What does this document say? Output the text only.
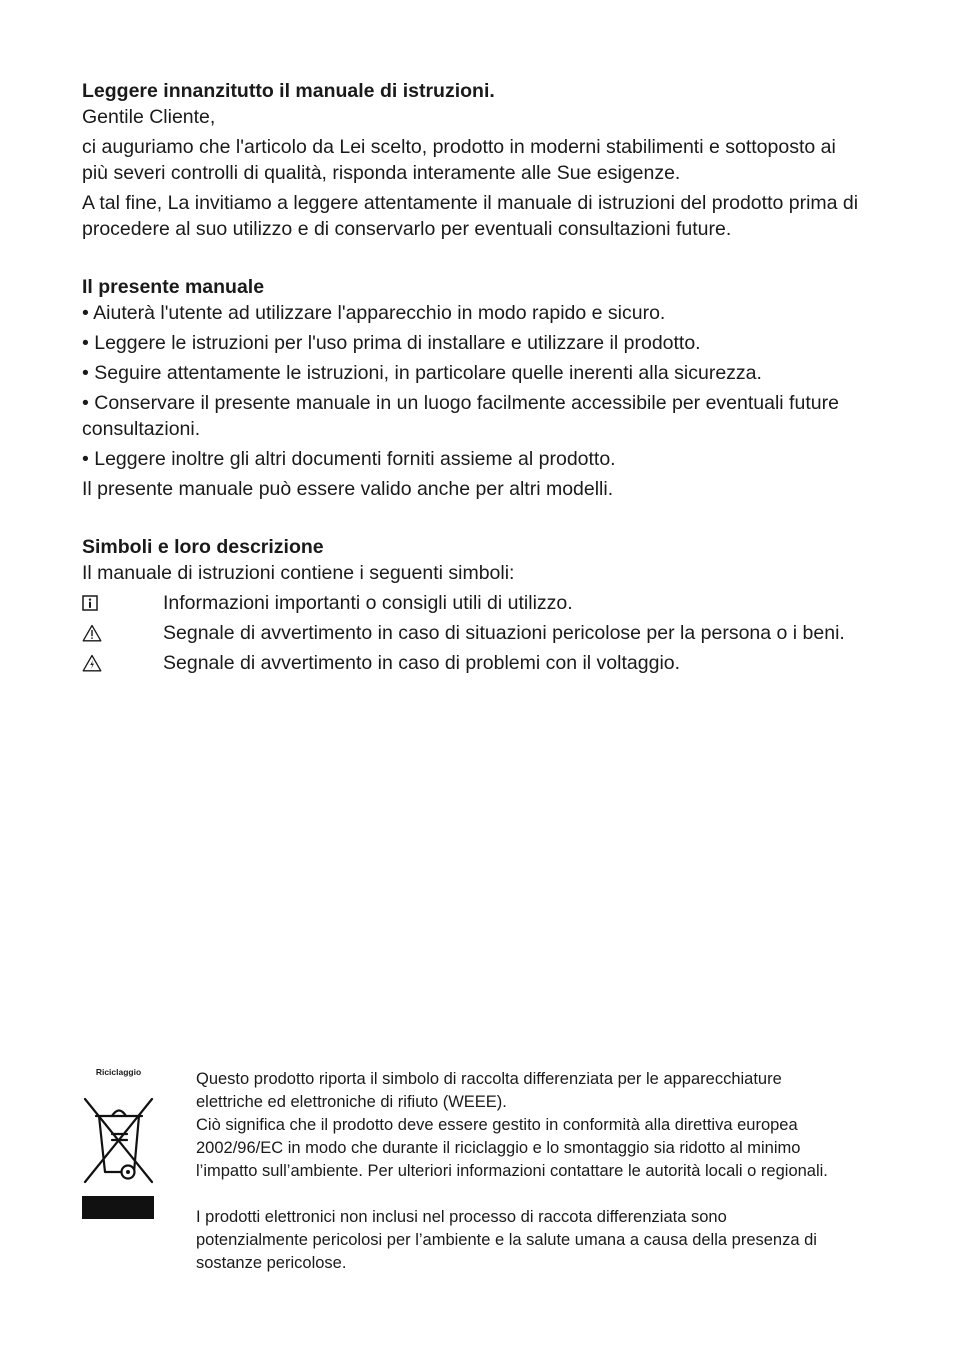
Leggere innanzitutto il manuale di istruzioni.

Gentile Cliente,

ci auguriamo che l'articolo da Lei scelto, prodotto in moderni stabilimenti e sottoposto ai più severi controlli di qualità, risponda interamente alle Sue esigenze.

A tal fine, La invitiamo a leggere attentamente il manuale di istruzioni del prodotto prima di procedere al suo utilizzo e di conservarlo per eventuali consultazioni future.

Il presente manuale

• Aiuterà l'utente ad utilizzare l'apparecchio in modo rapido e sicuro.

• Leggere le istruzioni per l'uso prima di installare e utilizzare il prodotto.

• Seguire attentamente le istruzioni, in particolare quelle inerenti alla sicurezza.

• Conservare il presente manuale in un luogo facilmente accessibile per eventuali future consultazioni.

• Leggere inoltre gli altri documenti forniti assieme al prodotto.

Il presente manuale può essere valido anche per altri modelli.

Simboli e loro descrizione

Il manuale di istruzioni contiene i seguenti simboli:

Informazioni importanti o consigli utili di utilizzo.
Segnale di avvertimento in caso di situazioni pericolose per la persona o i beni.
Segnale di avvertimento in caso di problemi con il voltaggio.
Riciclaggio	Questo prodotto riporta il simbolo di raccolta differenziata per le apparecchiature elettriche ed elettroniche di rifiuto (WEEE).

Ciò significa che il prodotto deve essere gestito in conformità alla direttiva europea 2002/96/EC in modo che durante il riciclaggio e lo smontaggio sia ridotto al minimo l’impatto sull’ambiente. Per ulteriori informazioni contattare le autorità locali o regionali.

I prodotti elettronici non inclusi nel processo di raccota differenziata sono potenzialmente pericolosi per l’ambiente e la salute umana a causa della presenza di sostanze pericolose.
